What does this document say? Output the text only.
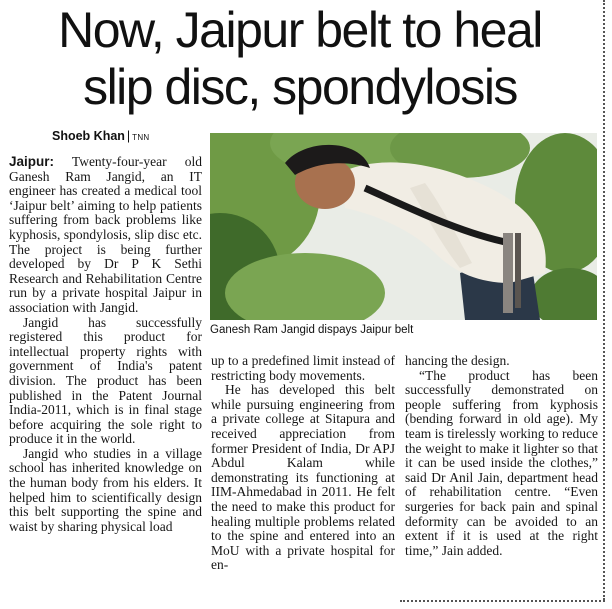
Now, Jaipur belt to heal
slip disc, spondylosis
Shoeb Khan | TNN
Ganesh Ram Jangid dispays Jaipur belt

Jaipur: Twenty-four-year old Ganesh Ram Jangid, an IT engineer has created a medical tool ‘Jaipur belt’ aiming to help patients suffering from back problems like kyphosis, spondylosis, slip disc etc. The project is being further developed by Dr P K Sethi Research and Rehabilitation Centre run by a private hospital Jaipur in association with Jangid.

Jangid has successfully registered this product for intellectual property rights with government of India's patent division. The product has been published in the Patent Journal India-2011, which is in final stage before acquiring the sole right to produce it in the world.

Jangid who studies in a village school has inherited knowledge on the human body from his elders. It helped him to scientifically design this belt supporting the spine and waist by sharing physical load

up to a predefined limit instead of restricting body movements.

He has developed this belt while pursuing engineering from a private college at Sitapura and received appreciation from former President of India, Dr APJ Abdul Kalam while demonstrating its functioning at IIM-Ahmedabad in 2011. He felt the need to make this product for healing multiple problems related to the spine and entered into an MoU with a private hospital for en-

hancing the design.

“The product has been successfully demonstrated on people suffering from kyphosis (bending forward in old age). My team is tirelessly working to reduce the weight to make it lighter so that it can be used inside the clothes,” said Dr Anil Jain, department head of rehabilitation centre. “Even surgeries for back pain and spinal deformity can be avoided to an extent if it is used at the right time,” Jain added.
